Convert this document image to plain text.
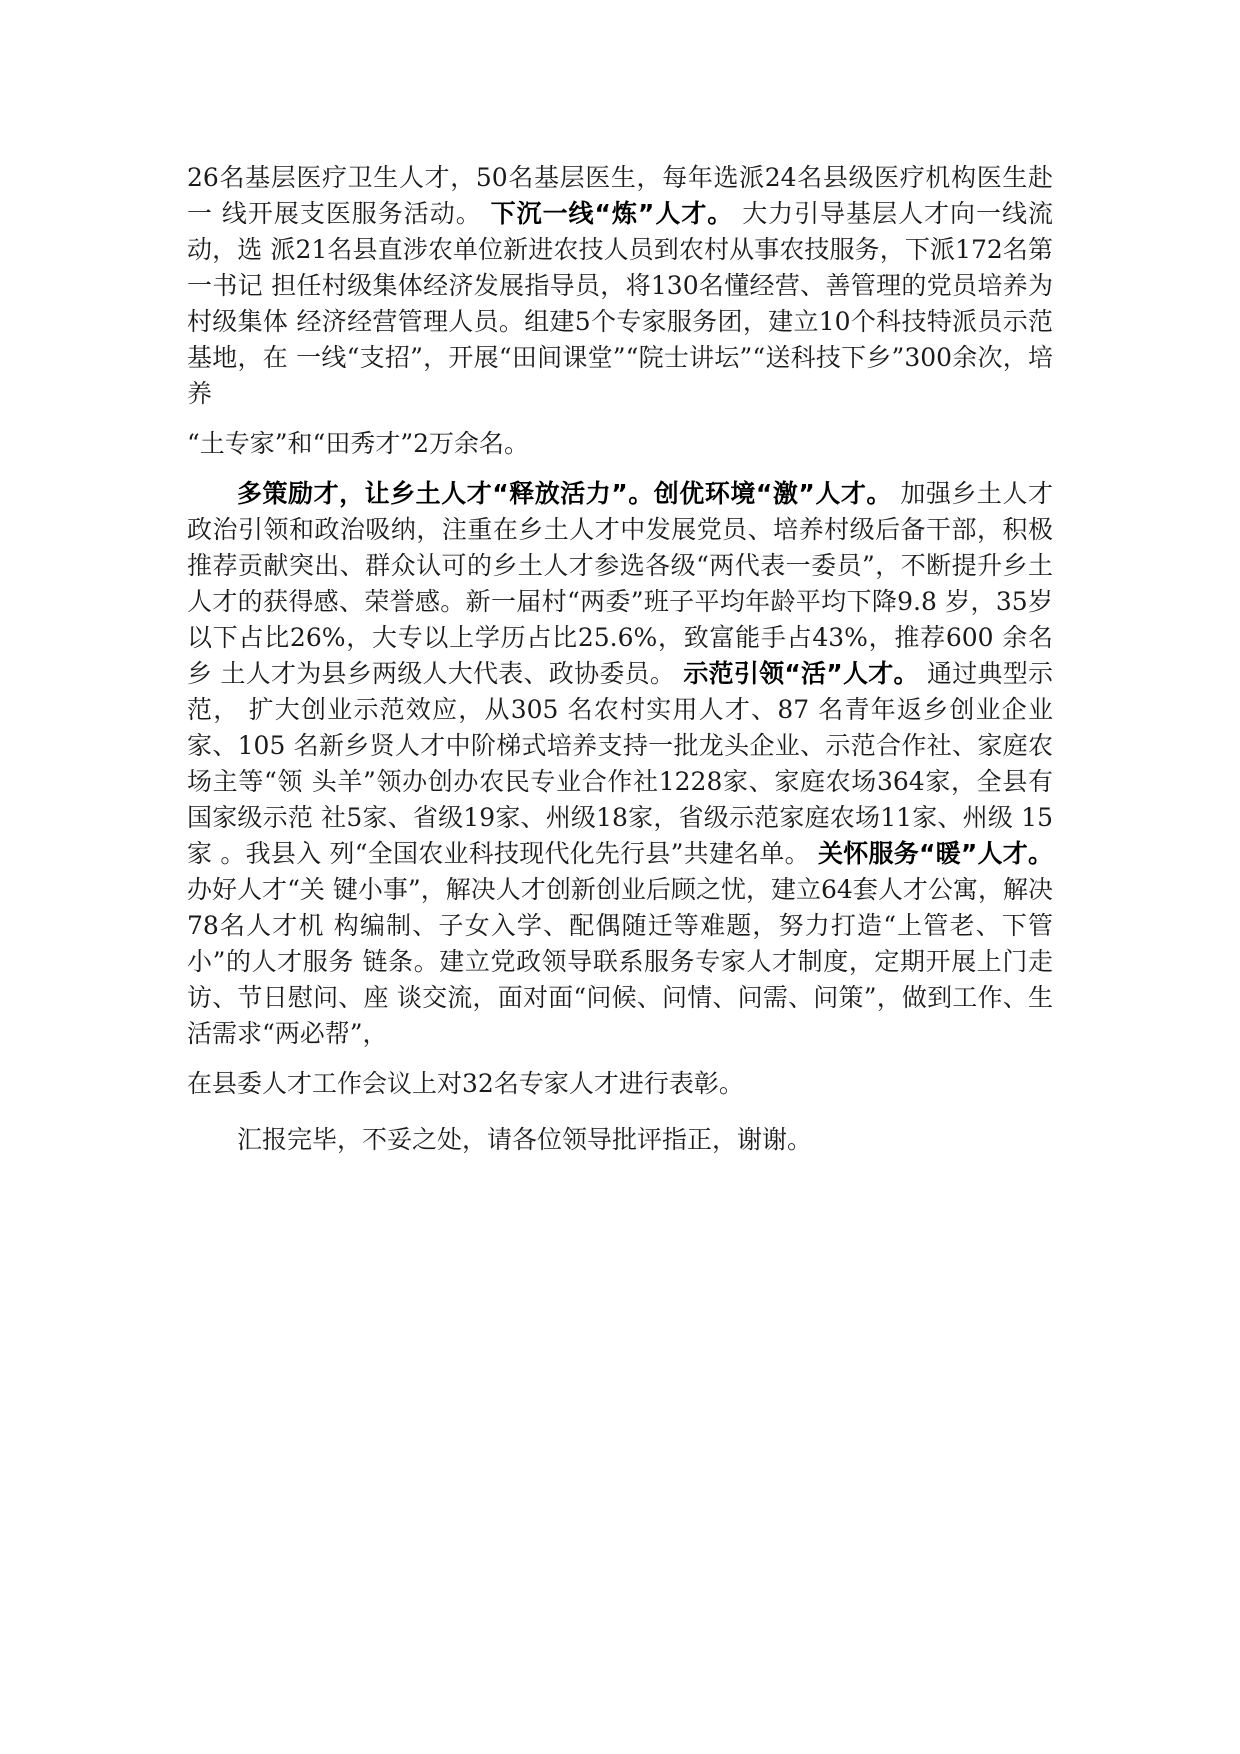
26名基层医疗卫生人才，50名基层医生，每年选派24名县级医疗机构医生赴一 线开展支医服务活动。 下沉一线“炼”人才。 大力引导基层人才向一线流动，选 派21名县直涉农单位新进农技人员到农村从事农技服务，下派172名第一书记 担任村级集体经济发展指导员，将130名懂经营、善管理的党员培养为村级集体 经济经营管理人员。组建5个专家服务团，建立10个科技特派员示范基地，在 一线“支招”，开展“田间课堂”“院士讲坛”“送科技下乡”300余次，培养

“土专家”和“田秀才”2万余名。

多策励才，让乡土人才“释放活力”。创优环境“激”人才。 加强乡土人才政治引领和政治吸纳，注重在乡土人才中发展党员、培养村级后备干部，积极推荐贡献突出、群众认可的乡土人才参选各级“两代表一委员”，不断提升乡土人才的获得感、荣誉感。新一届村“两委”班子平均年龄平均下降9.8 岁，35岁以下占比26%，大专以上学历占比25.6%，致富能手占43%，推荐600 余名乡 土人才为县乡两级人大代表、政协委员。 示范引领“活”人才。 通过典型示范， 扩大创业示范效应，从305 名农村实用人才、87 名青年返乡创业企业家、105 名新乡贤人才中阶梯式培养支持一批龙头企业、示范合作社、家庭农场主等“领 头羊”领办创办农民专业合作社1228家、家庭农场364家，全县有国家级示范 社5家、省级19家、州级18家，省级示范家庭农场11家、州级 15 家 。我县入 列“全国农业科技现代化先行县”共建名单。 关怀服务“暖”人才。 办好人才“关 键小事”，解决人才创新创业后顾之忧，建立64套人才公寓，解决78名人才机 构编制、子女入学、配偶随迁等难题，努力打造“上管老、下管小”的人才服务 链条。建立党政领导联系服务专家人才制度，定期开展上门走访、节日慰问、座 谈交流，面对面“问候、问情、问需、问策”，做到工作、生活需求“两必帮”，

在县委人才工作会议上对32名专家人才进行表彰。

汇报完毕，不妥之处，请各位领导批评指正，谢谢。
